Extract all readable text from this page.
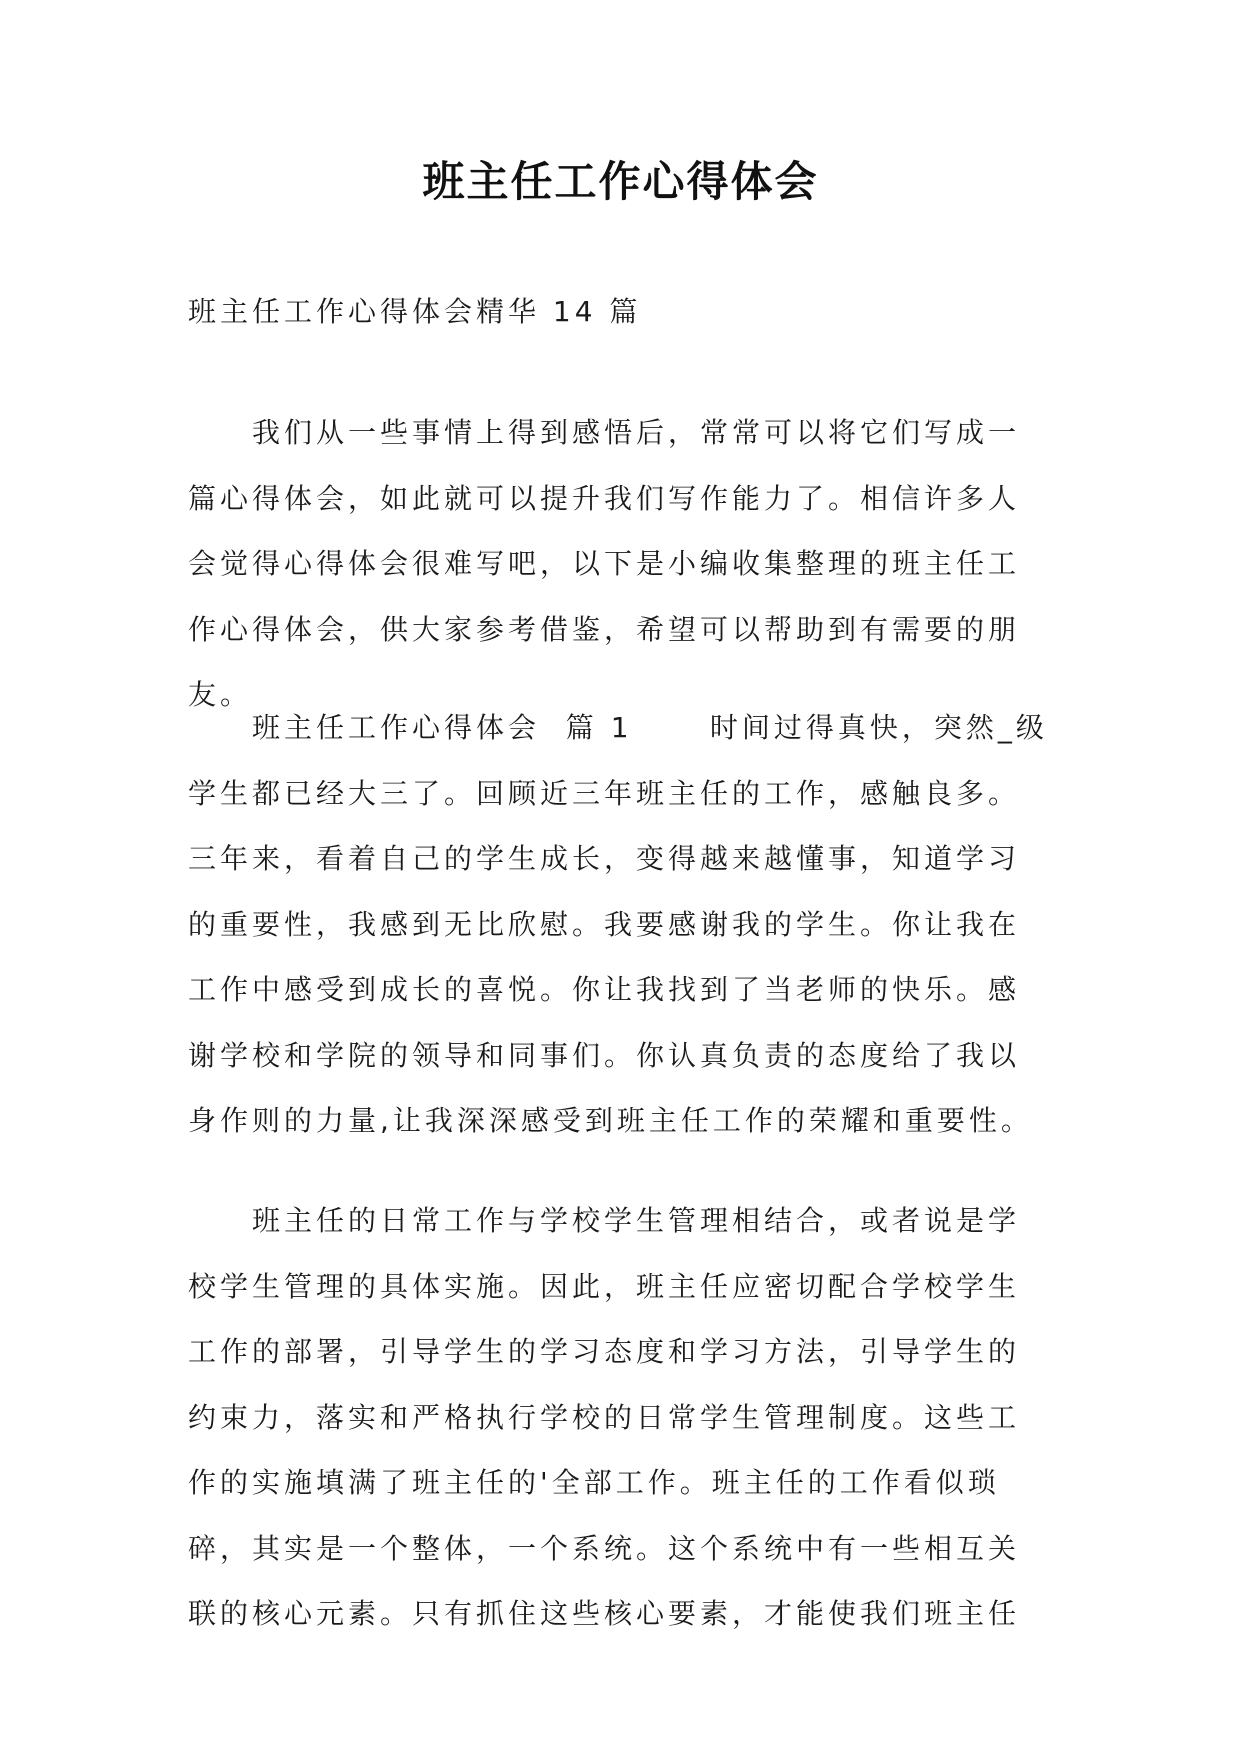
班主任工作心得体会

班主任工作心得体会精华 14 篇

我们从一些事情上得到感悟后，常常可以将它们写成一篇心得体会，如此就可以提升我们写作能力了。相信许多人会觉得心得体会很难写吧，以下是小编收集整理的班主任工作心得体会，供大家参考借鉴，希望可以帮助到有需要的朋友。

班主任工作心得体会  篇 1      时间过得真快，突然_级学生都已经大三了。回顾近三年班主任的工作，感触良多。三年来，看着自己的学生成长，变得越来越懂事，知道学习的重要性，我感到无比欣慰。我要感谢我的学生。你让我在工作中感受到成长的喜悦。你让我找到了当老师的快乐。感谢学校和学院的领导和同事们。你认真负责的态度给了我以身作则的力量,让我深深感受到班主任工作的荣耀和重要性。

班主任的日常工作与学校学生管理相结合，或者说是学校学生管理的具体实施。因此，班主任应密切配合学校学生工作的部署，引导学生的学习态度和学习方法，引导学生的约束力，落实和严格执行学校的日常学生管理制度。这些工作的实施填满了班主任的'全部工作。班主任的工作看似琐碎，其实是一个整体，一个系统。这个系统中有一些相互关联的核心元素。只有抓住这些核心要素，才能使我们班主任
